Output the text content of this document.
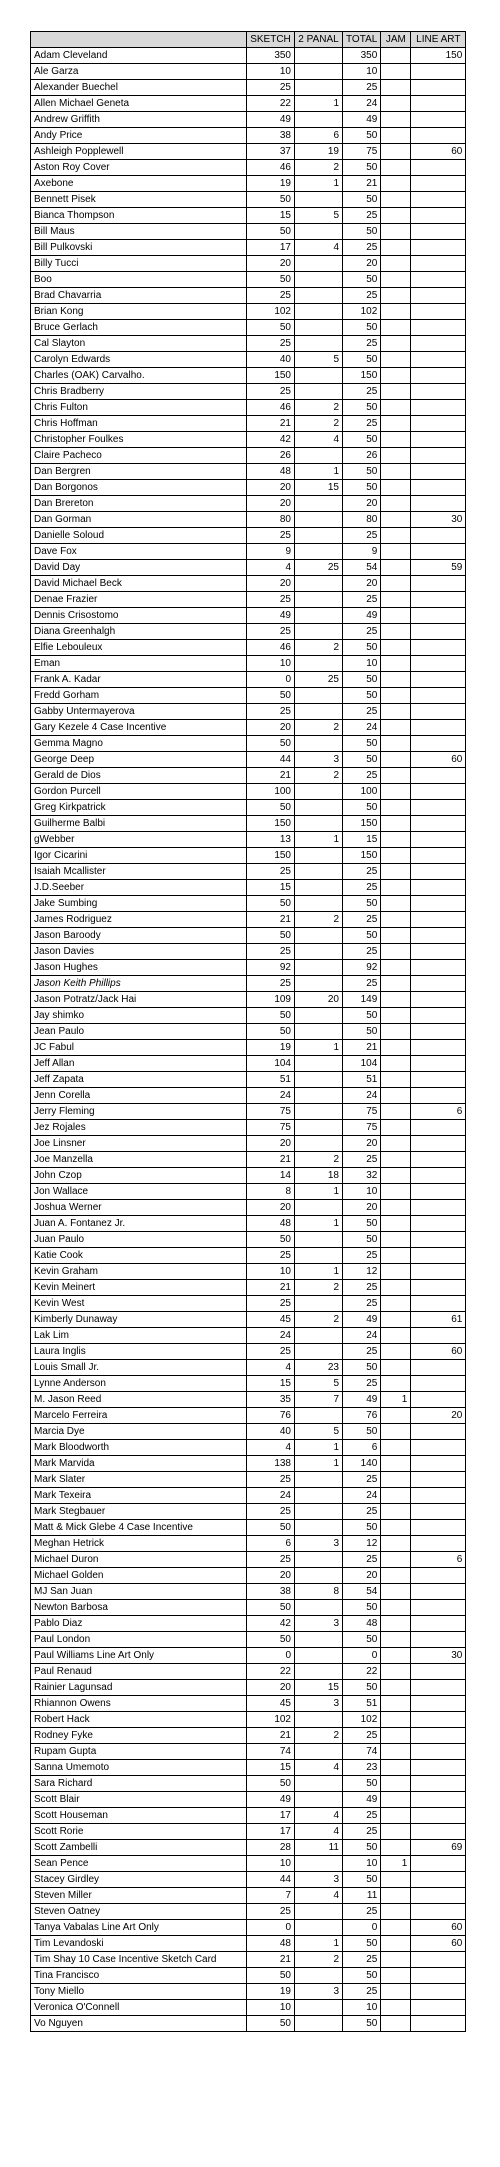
	SKETCH	2 PANAL	TOTAL	JAM	LINE ART
Adam Cleveland	350		350		150
Ale Garza	10		10		
Alexander Buechel	25		25		
Allen Michael Geneta	22	1	24		
Andrew Griffith	49		49		
Andy Price	38	6	50		
Ashleigh Popplewell	37	19	75		60
Aston Roy Cover	46	2	50		
Axebone	19	1	21		
Bennett Pisek	50		50		
Bianca Thompson	15	5	25		
Bill Maus	50		50		
Bill Pulkovski	17	4	25		
Billy Tucci	20		20		
Boo	50		50		
Brad Chavarria	25		25		
Brian Kong	102		102		
Bruce Gerlach	50		50		
Cal Slayton	25		25		
Carolyn Edwards	40	5	50		
Charles (OAK) Carvalho.	150		150		
Chris Bradberry	25		25		
Chris Fulton	46	2	50		
Chris Hoffman	21	2	25		
Christopher Foulkes	42	4	50		
Claire Pacheco	26		26		
Dan Bergren	48	1	50		
Dan Borgonos	20	15	50		
Dan Brereton	20		20		
Dan Gorman	80		80		30
Danielle Soloud	25		25		
Dave Fox	9		9		
David Day	4	25	54		59
David Michael Beck	20		20		
Denae Frazier	25		25		
Dennis Crisostomo	49		49		
Diana Greenhalgh	25		25		
Elfie Lebouleux	46	2	50		
Eman	10		10		
Frank A. Kadar	0	25	50		
Fredd Gorham	50		50		
Gabby Untermayerova	25		25		
Gary Kezele 4 Case Incentive	20	2	24		
Gemma Magno	50		50		
George Deep	44	3	50		60
Gerald de Dios	21	2	25		
Gordon Purcell	100		100		
Greg Kirkpatrick	50		50		
Guilherme Balbi	150		150		
gWebber	13	1	15		
Igor Cicarini	150		150		
Isaiah Mcallister	25		25		
J.D.Seeber	15		25		
Jake Sumbing	50		50		
James Rodriguez	21	2	25		
Jason Baroody	50		50		
Jason Davies	25		25		
Jason Hughes	92		92		
Jason Keith Phillips	25		25		
Jason Potratz/Jack Hai	109	20	149		
Jay shimko	50		50		
Jean Paulo	50		50		
JC Fabul	19	1	21		
Jeff Allan	104		104		
Jeff Zapata	51		51		
Jenn Corella	24		24		
Jerry Fleming	75		75		6
Jez Rojales	75		75		
Joe Linsner	20		20		
Joe Manzella	21	2	25		
John Czop	14	18	32		
Jon Wallace	8	1	10		
Joshua Werner	20		20		
Juan A. Fontanez Jr.	48	1	50		
Juan Paulo	50		50		
Katie Cook	25		25		
Kevin Graham	10	1	12		
Kevin Meinert	21	2	25		
Kevin West	25		25		
Kimberly Dunaway	45	2	49		61
Lak Lim	24		24		
Laura Inglis	25		25		60
Louis Small Jr.	4	23	50		
Lynne Anderson	15	5	25		
M. Jason Reed	35	7	49	1	
Marcelo Ferreira	76		76		20
Marcia Dye	40	5	50		
Mark Bloodworth	4	1	6		
Mark Marvida	138	1	140		
Mark Slater	25		25		
Mark Texeira	24		24		
Mark Stegbauer	25		25		
Matt & Mick Glebe 4 Case Incentive	50		50		
Meghan Hetrick	6	3	12		
Michael Duron	25		25		6
Michael Golden	20		20		
MJ San Juan	38	8	54		
Newton Barbosa	50		50		
Pablo Diaz	42	3	48		
Paul London	50		50		
Paul Williams Line Art Only	0		0		30
Paul Renaud	22		22		
Rainier Lagunsad	20	15	50		
Rhiannon Owens	45	3	51		
Robert Hack	102		102		
Rodney Fyke	21	2	25		
Rupam Gupta	74		74		
Sanna Umemoto	15	4	23		
Sara Richard	50		50		
Scott Blair	49		49		
Scott Houseman	17	4	25		
Scott Rorie	17	4	25		
Scott Zambelli	28	11	50		69
Sean Pence	10		10	1	
Stacey Girdley	44	3	50		
Steven Miller	7	4	11		
Steven Oatney	25		25		
Tanya Vabalas Line Art Only	0		0		60
Tim Levandoski	48	1	50		60
Tim Shay 10 Case Incentive Sketch Card	21	2	25		
Tina Francisco	50		50		
Tony Miello	19	3	25		
Veronica O'Connell	10		10		
Vo Nguyen	50		50		
